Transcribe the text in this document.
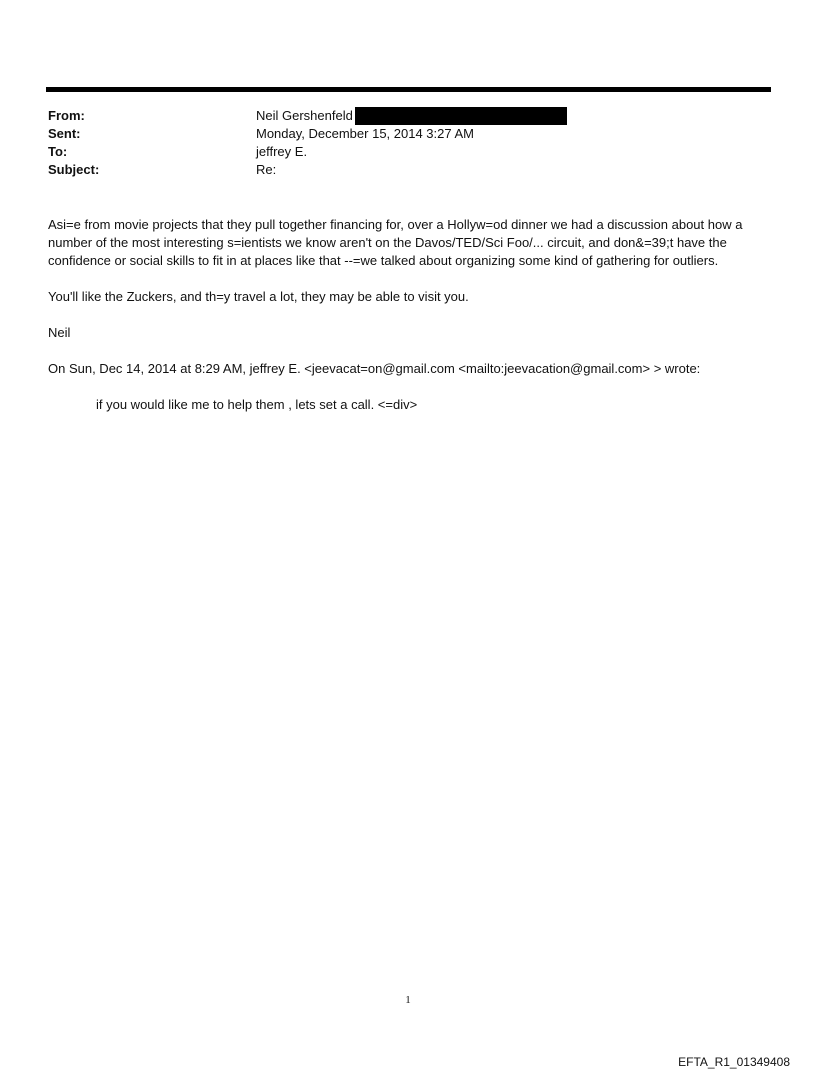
From:	Neil Gershenfeld
Sent:	Monday, December 15, 2014 3:27 AM
To:	jeffrey E.
Subject:	Re:

Asi=e from movie projects that they pull together financing for, over a Hollyw=od dinner we had a discussion about how a number of the most interesting s=ientists we know aren't on the Davos/TED/Sci Foo/... circuit, and don&=39;t have the confidence or social skills to fit in at places like that --=we talked about organizing some kind of gathering for outliers.

You'll like the Zuckers, and th=y travel a lot, they may be able to visit you.

Neil

On Sun, Dec 14, 2014 at 8:29 AM, jeffrey E. <jeevacat=on@gmail.com <mailto:jeevacation@gmail.com> > wrote:

if you would like me to help them , lets set a call. <=div>

1
EFTA_R1_01349408
